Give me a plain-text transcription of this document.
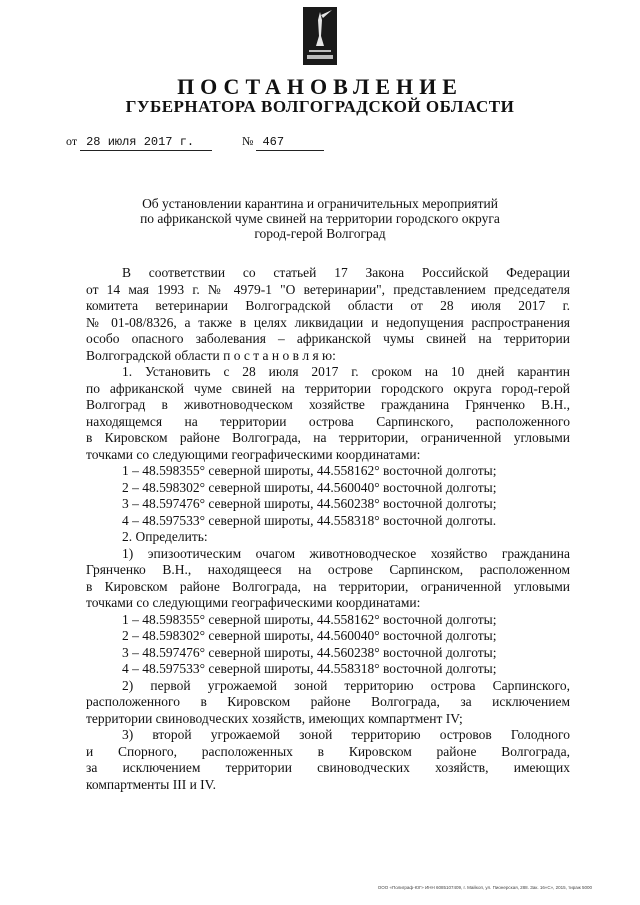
ПОСТАНОВЛЕНИЕ
ГУБЕРНАТОРА ВОЛГОГРАДСКОЙ ОБЛАСТИ
от 28 июля 2017 г.	№ 467
Об установлении карантина и ограничительных мероприятий
по африканской чуме свиней на территории городского округа
город-герой Волгоград
В соответствии со статьей 17 Закона Российской Федерации
от 14 мая 1993 г. № 4979-1 "О ветеринарии", представлением председателя
комитета ветеринарии Волгоградской области от 28 июля 2017 г.
№ 01-08/8326, а также в целях ликвидации и недопущения распространения
особо опасного заболевания – африканской чумы свиней на территории
Волгоградской области п о с т а н о в л я ю:
1. Установить с 28 июля 2017 г. сроком на 10 дней карантин
по африканской чуме свиней на территории городского округа город-герой
Волгоград в животноводческом хозяйстве гражданина Грянченко В.Н.,
находящемся на территории острова Сарпинского, расположенного
в Кировском районе Волгограда, на территории, ограниченной угловыми
точками со следующими географическими координатами:
1 – 48.598355° северной широты, 44.558162° восточной долготы;
2 – 48.598302° северной широты, 44.560040° восточной долготы;
3 – 48.597476° северной широты, 44.560238° восточной долготы;
4 – 48.597533° северной широты, 44.558318° восточной долготы.
2. Определить:
1) эпизоотическим очагом животноводческое хозяйство гражданина
Грянченко В.Н., находящееся на острове Сарпинском, расположенном
в Кировском районе Волгограда, на территории, ограниченной угловыми
точками со следующими географическими координатами:
1 – 48.598355° северной широты, 44.558162° восточной долготы;
2 – 48.598302° северной широты, 44.560040° восточной долготы;
3 – 48.597476° северной широты, 44.560238° восточной долготы;
4 – 48.597533° северной широты, 44.558318° восточной долготы;
2) первой угрожаемой зоной территорию острова Сарпинского,
расположенного в Кировском районе Волгограда, за исключением
территории свиноводческих хозяйств, имеющих компартмент IV;
3) второй угрожаемой зоной территорию островов Голодного
и Спорного, расположенных в Кировском районе Волгограда,
за исключением территории свиноводческих хозяйств, имеющих
компартменты III и IV.
ООО «Полиграф-ЮГ» ИНН 6085107409, г. Майкоп, ул. Пионерская, 288. Зак. 16«С», 2015, тираж 5000
